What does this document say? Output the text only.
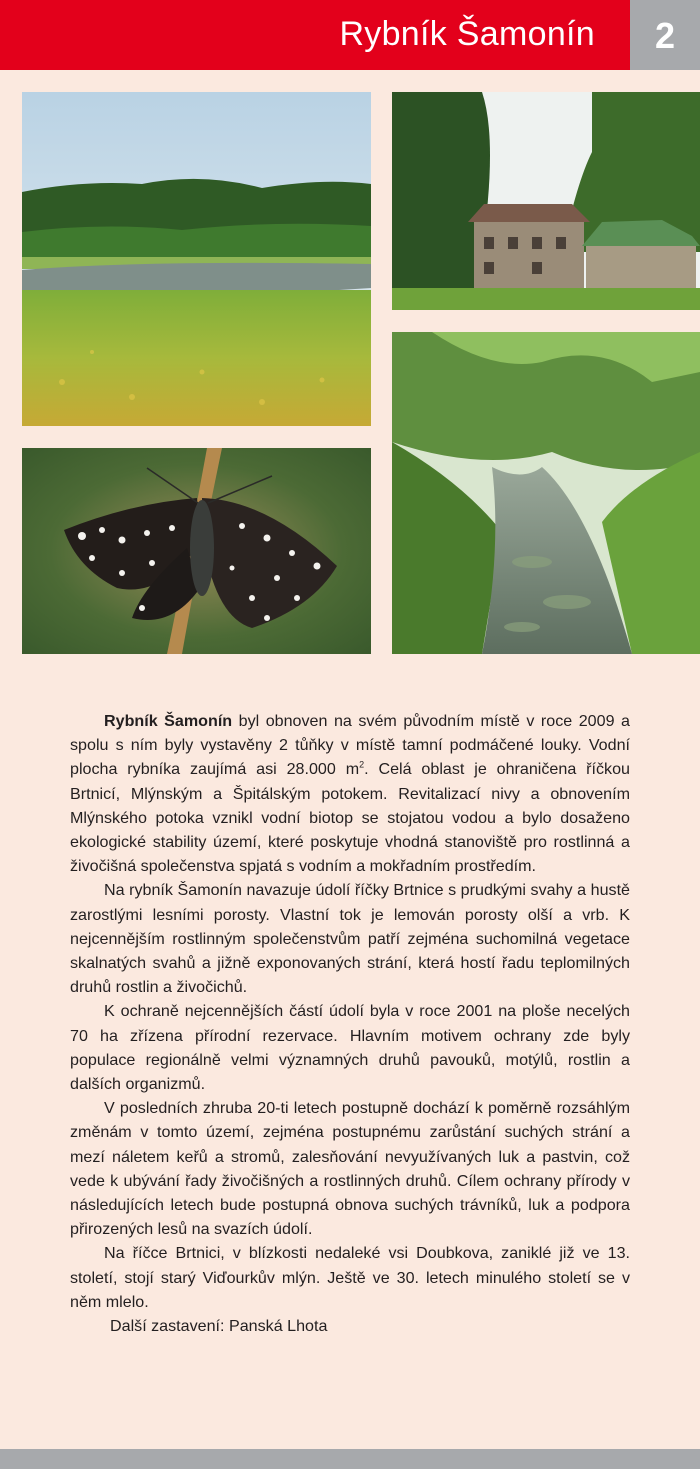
Rybník Šamonín	2

Rybník Šamonín byl obnoven na svém původním místě v roce 2009 a spolu s ním byly vystavěny 2 tůňky v místě tamní podmáčené louky. Vodní plocha rybníka zaujímá asi 28.000 $m^2$. Celá oblast je ohraničena říčkou Brtnicí, Mlýnským a Špitálským potokem. Revitalizací nivy a obnovením Mlýnského potoka vznikl vodní biotop se stojatou vodou a bylo dosaženo ekologické stability území, které poskytuje vhodná stanoviště pro rostlinná a živočišná společenstva spjatá s vodním a mokřadním prostředím.

Na rybník Šamonín navazuje údolí říčky Brtnice s prudkými svahy a hustě zarostlými lesními porosty. Vlastní tok je lemován porosty olší a vrb. K nejcennějším rostlinným společenstvům patří zejména suchomilná vegetace skalnatých svahů a jižně exponovaných strání, která hostí řadu teplomilných druhů rostlin a živočichů.

K ochraně nejcennějších částí údolí byla v roce 2001 na ploše necelých 70 ha zřízena přírodní rezervace. Hlavním motivem ochrany zde byly populace regionálně velmi významných druhů pavouků, motýlů, rostlin a dalších organizmů.

V posledních zhruba 20-ti letech postupně dochází k poměrně rozsáhlým změnám v tomto území, zejména postupnému zarůstání suchých strání a mezí náletem keřů a stromů, zalesňování nevyužívaných luk a pastvin, což vede k ubývání řady živočišných a rostlinných druhů. Cílem ochrany přírody v následujících letech bude postupná obnova suchých trávníků, luk a podpora přirozených lesů na svazích údolí.

Na říčce Brtnici, v blízkosti nedaleké vsi Doubkova, zaniklé již ve 13. století, stojí starý Viďourkův mlýn. Ještě ve 30. letech minulého století se v něm mlelo.

Další zastavení: Panská Lhota
